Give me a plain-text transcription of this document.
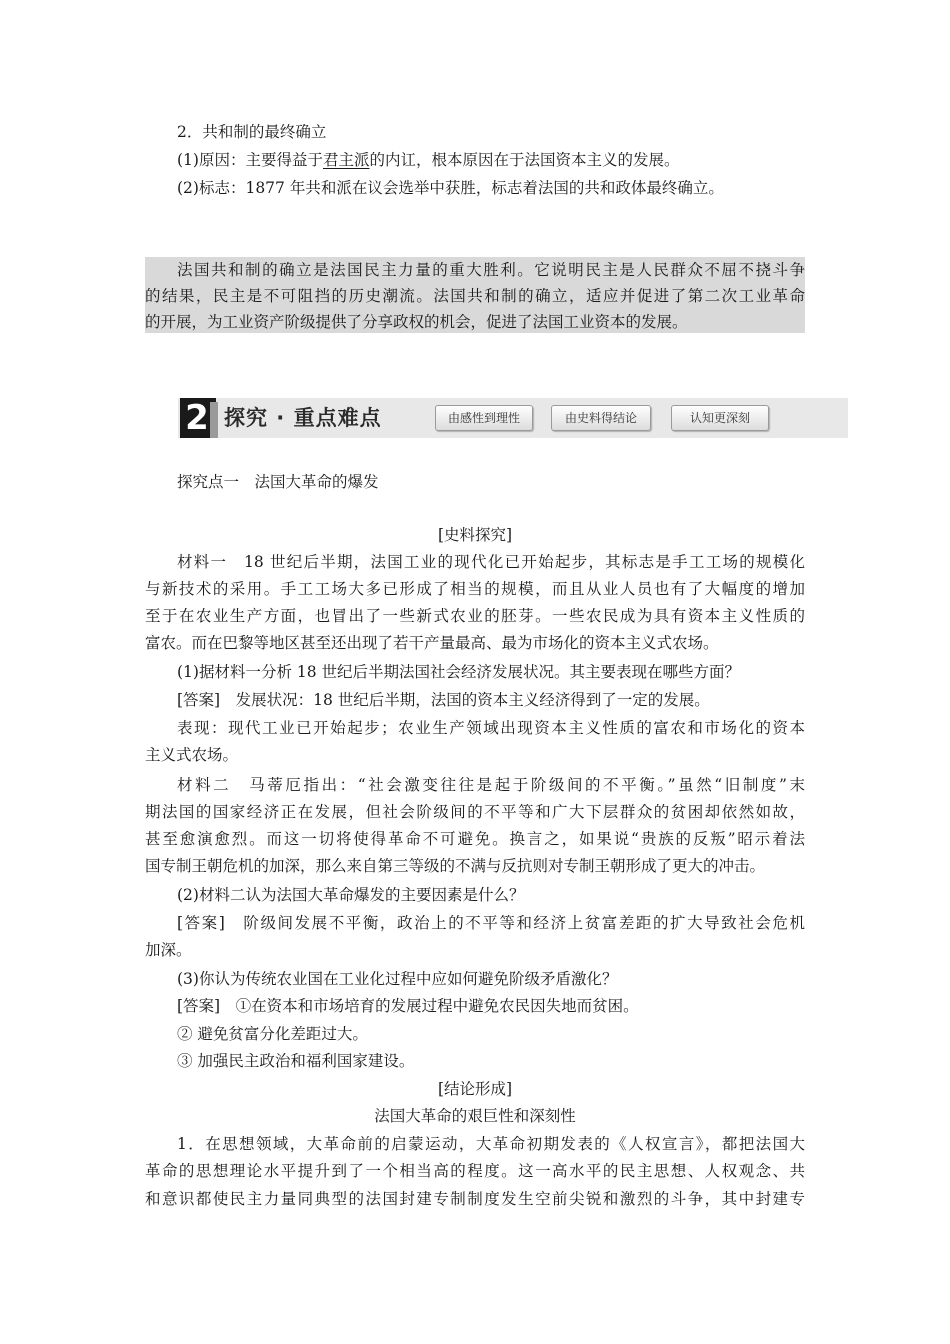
2．共和制的最终确立
(1)原因：主要得益于君主派的内讧，根本原因在于法国资本主义的发展。
(2)标志：1877 年共和派在议会选举中获胜，标志着法国的共和政体最终确立。
法国共和制的确立是法国民主力量的重大胜利。它说明民主是人民群众不屈不挠斗争
的结果，民主是不可阻挡的历史潮流。法国共和制的确立，适应并促进了第二次工业革命
的开展，为工业资产阶级提供了分享政权的机会，促进了法国工业资本的发展。
2 探究 · 重点难点	由感性到理性	由史料得结论	认知更深刻
探究点一　法国大革命的爆发
[史料探究]
材料一　18 世纪后半期，法国工业的现代化已开始起步，其标志是手工工场的规模化
与新技术的采用。手工工场大多已形成了相当的规模，而且从业人员也有了大幅度的增加
至于在农业生产方面，也冒出了一些新式农业的胚芽。一些农民成为具有资本主义性质的
富农。而在巴黎等地区甚至还出现了若干产量最高、最为市场化的资本主义式农场。
(1)据材料一分析 18 世纪后半期法国社会经济发展状况。其主要表现在哪些方面？
[答案]　发展状况：18 世纪后半期，法国的资本主义经济得到了一定的发展。
表现：现代工业已开始起步；农业生产领域出现资本主义性质的富农和市场化的资本
主义式农场。
材料二　马蒂厄指出：“社会激变往往是起于阶级间的不平衡。”虽然“旧制度”末
期法国的国家经济正在发展，但社会阶级间的不平等和广大下层群众的贫困却依然如故，
甚至愈演愈烈。而这一切将使得革命不可避免。换言之，如果说“贵族的反叛”昭示着法
国专制王朝危机的加深，那么来自第三等级的不满与反抗则对专制王朝形成了更大的冲击。
(2)材料二认为法国大革命爆发的主要因素是什么？
[答案]　阶级间发展不平衡，政治上的不平等和经济上贫富差距的扩大导致社会危机
加深。
(3)你认为传统农业国在工业化过程中应如何避免阶级矛盾激化？
[答案]　①在资本和市场培育的发展过程中避免农民因失地而贫困。
② 避免贫富分化差距过大。
③ 加强民主政治和福利国家建设。
[结论形成]
法国大革命的艰巨性和深刻性
1．在思想领域，大革命前的启蒙运动，大革命初期发表的《人权宣言》，都把法国大
革命的思想理论水平提升到了一个相当高的程度。这一高水平的民主思想、人权观念、共
和意识都使民主力量同典型的法国封建专制制度发生空前尖锐和激烈的斗争，其中封建专
